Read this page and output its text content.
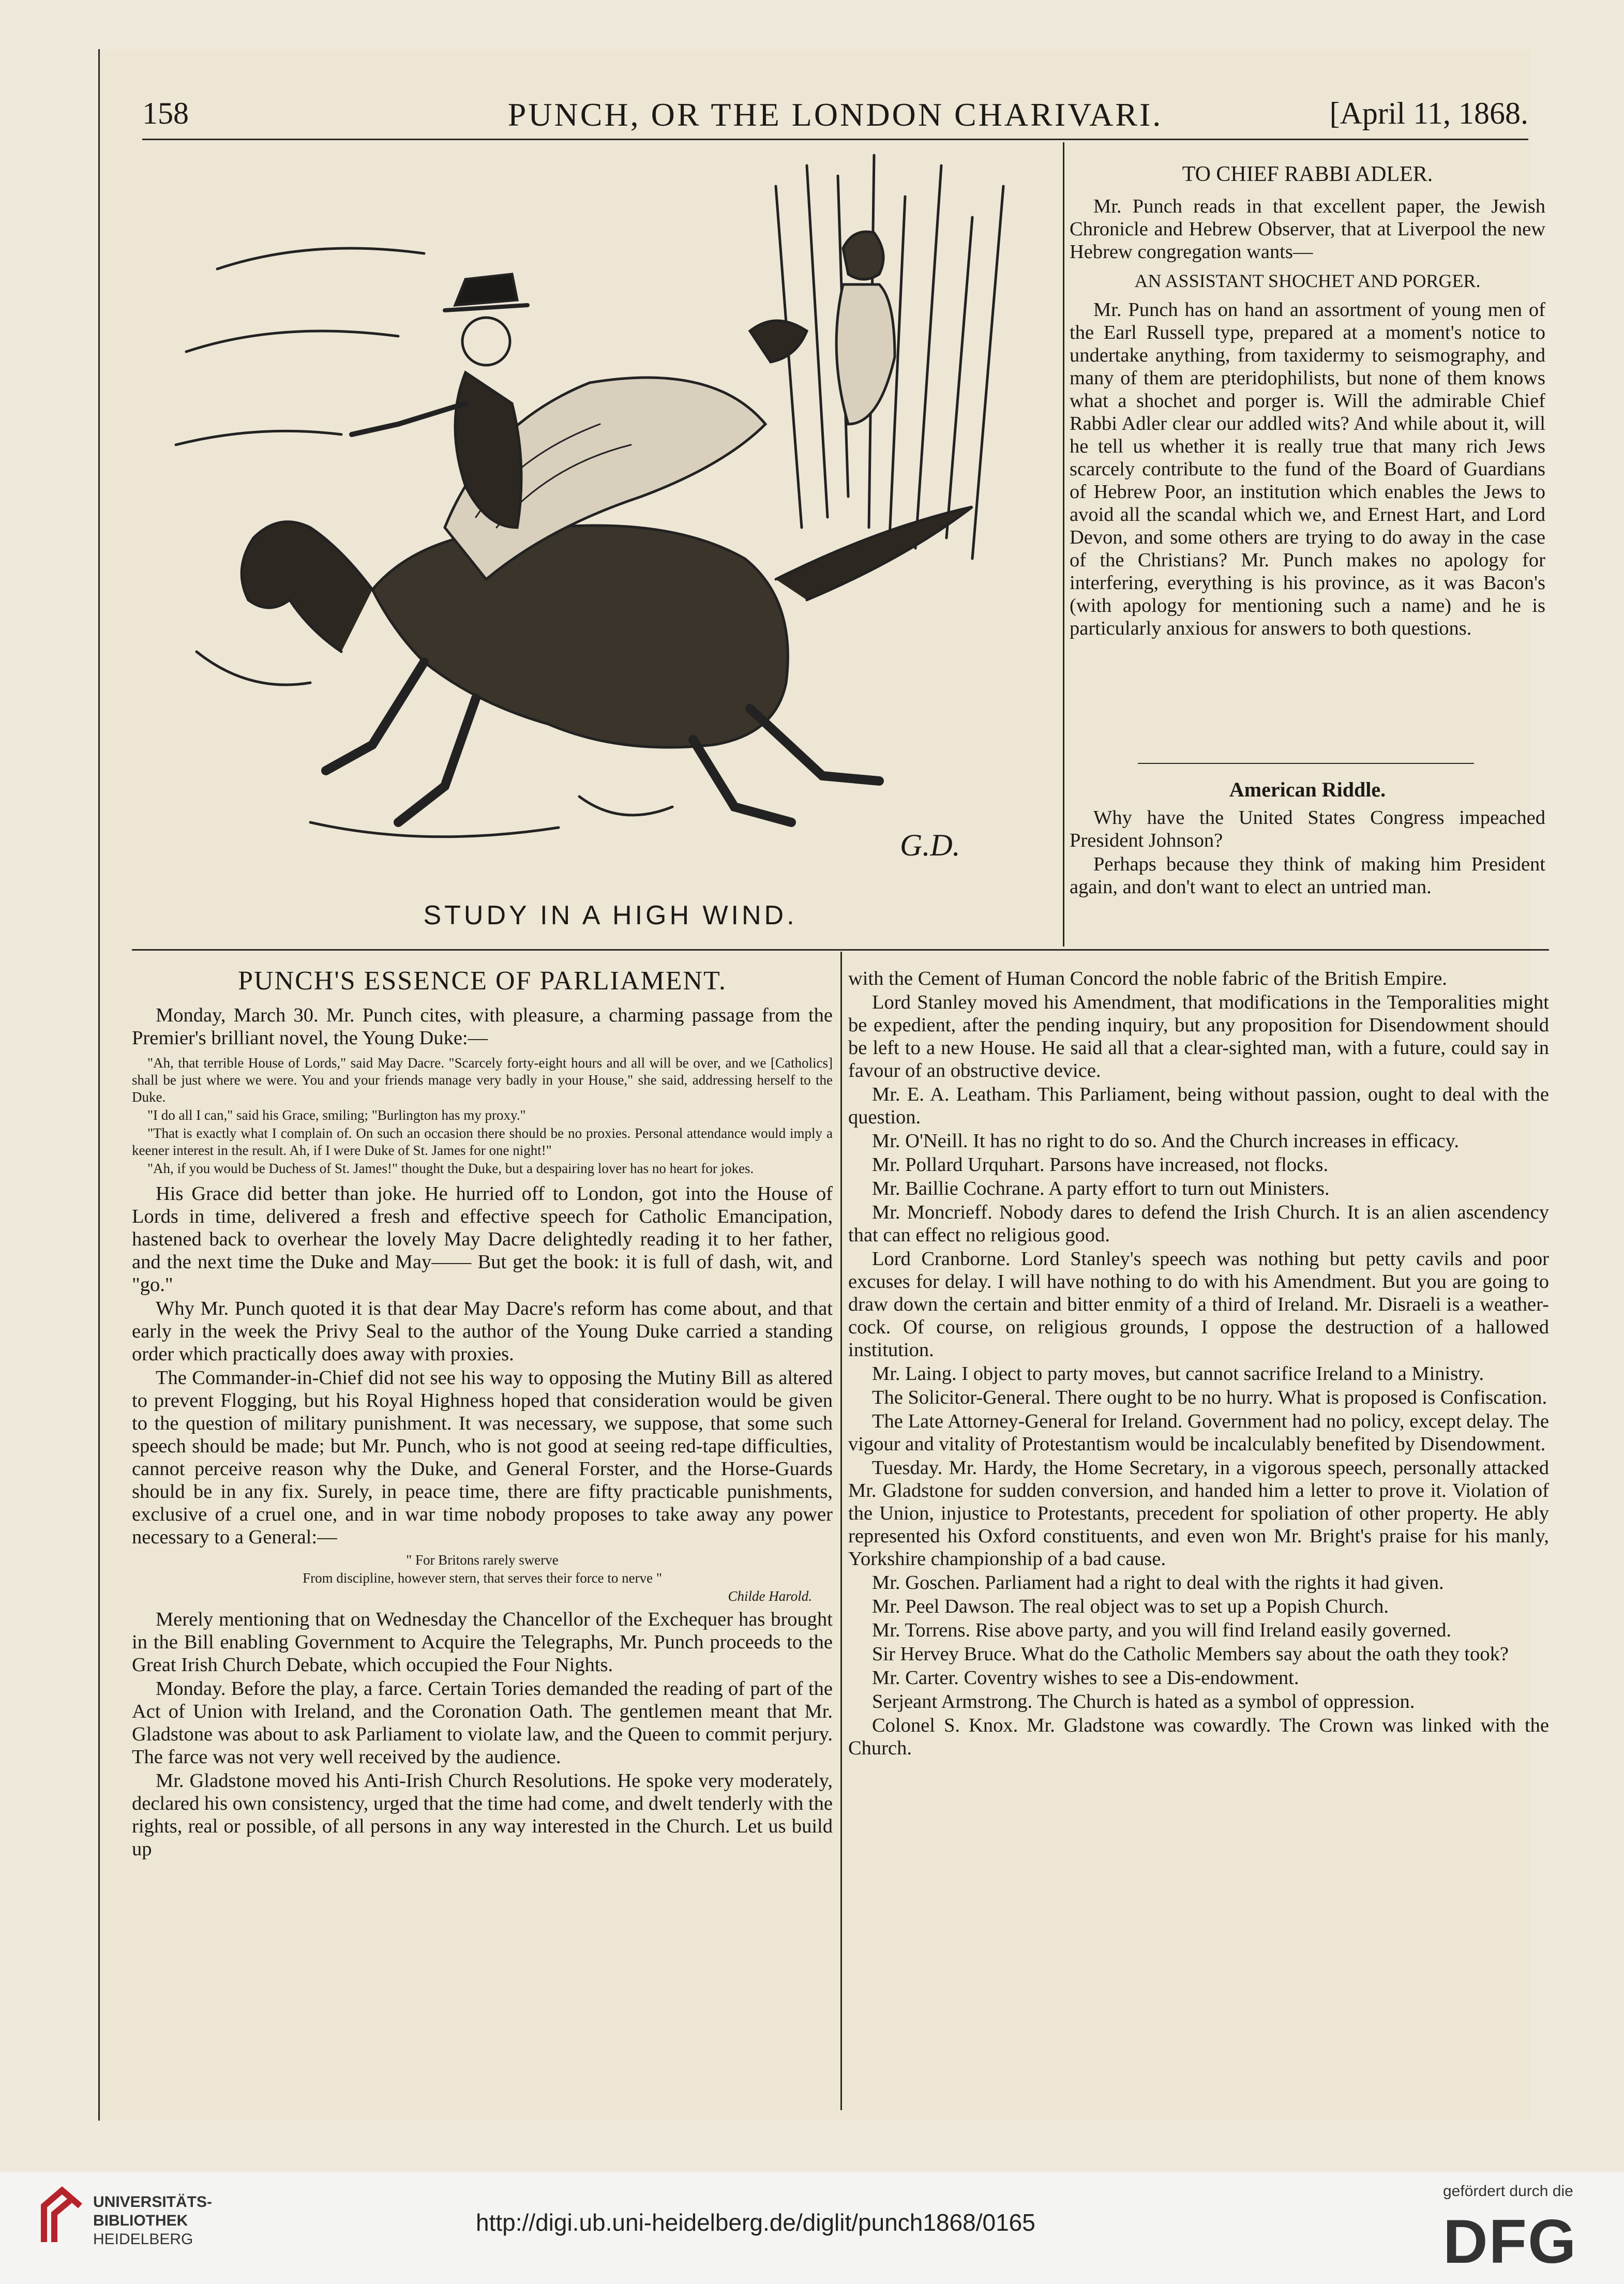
158	PUNCH, OR THE LONDON CHARIVARI.	[April 11, 1868.
G.D.
STUDY IN A HIGH WIND.

TO CHIEF RABBI ADLER.

Mr. Punch reads in that excellent paper, the Jewish Chronicle and Hebrew Observer, that at Liverpool the new Hebrew congregation wants—

AN ASSISTANT SHOCHET AND PORGER.

Mr. Punch has on hand an assortment of young men of the Earl Russell type, prepared at a moment's notice to undertake anything, from taxidermy to seismography, and many of them are pteridophilists, but none of them knows what a shochet and porger is. Will the admirable Chief Rabbi Adler clear our addled wits? And while about it, will he tell us whether it is really true that many rich Jews scarcely contribute to the fund of the Board of Guardians of Hebrew Poor, an institution which enables the Jews to avoid all the scandal which we, and Ernest Hart, and Lord Devon, and some others are trying to do away in the case of the Christians? Mr. Punch makes no apology for interfering, everything is his province, as it was Bacon's (with apology for mentioning such a name) and he is particularly anxious for answers to both questions.

American Riddle.

Why have the United States Congress impeached President Johnson?

Perhaps because they think of making him President again, and don't want to elect an untried man.

PUNCH'S ESSENCE OF PARLIAMENT.

Monday, March 30. Mr. Punch cites, with pleasure, a charming passage from the Premier's brilliant novel, the Young Duke:—

"Ah, that terrible House of Lords," said May Dacre. "Scarcely forty-eight hours and all will be over, and we [Catholics] shall be just where we were. You and your friends manage very badly in your House," she said, addressing herself to the Duke.

"I do all I can," said his Grace, smiling; "Burlington has my proxy."

"That is exactly what I complain of. On such an occasion there should be no proxies. Personal attendance would imply a keener interest in the result. Ah, if I were Duke of St. James for one night!"

"Ah, if you would be Duchess of St. James!" thought the Duke, but a despairing lover has no heart for jokes.

His Grace did better than joke. He hurried off to London, got into the House of Lords in time, delivered a fresh and effective speech for Catholic Emancipation, hastened back to overhear the lovely May Dacre delightedly reading it to her father, and the next time the Duke and May—— But get the book: it is full of dash, wit, and "go."

Why Mr. Punch quoted it is that dear May Dacre's reform has come about, and that early in the week the Privy Seal to the author of the Young Duke carried a standing order which practically does away with proxies.

The Commander-in-Chief did not see his way to opposing the Mutiny Bill as altered to prevent Flogging, but his Royal Highness hoped that consideration would be given to the question of military punishment. It was necessary, we suppose, that some such speech should be made; but Mr. Punch, who is not good at seeing red-tape difficulties, cannot perceive reason why the Duke, and General Forster, and the Horse-Guards should be in any fix. Surely, in peace time, there are fifty practicable punishments, exclusive of a cruel one, and in war time nobody proposes to take away any power necessary to a General:—

" For Britons rarely swerve

From discipline, however stern, that serves their force to nerve "

Childe Harold.

Merely mentioning that on Wednesday the Chancellor of the Exchequer has brought in the Bill enabling Government to Acquire the Telegraphs, Mr. Punch proceeds to the Great Irish Church Debate, which occupied the Four Nights.

Monday. Before the play, a farce. Certain Tories demanded the reading of part of the Act of Union with Ireland, and the Coronation Oath. The gentlemen meant that Mr. Gladstone was about to ask Parliament to violate law, and the Queen to commit perjury. The farce was not very well received by the audience.

Mr. Gladstone moved his Anti-Irish Church Resolutions. He spoke very moderately, declared his own consistency, urged that the time had come, and dwelt tenderly with the rights, real or possible, of all persons in any way interested in the Church. Let us build up

with the Cement of Human Concord the noble fabric of the British Empire.

Lord Stanley moved his Amendment, that modifications in the Temporalities might be expedient, after the pending inquiry, but any proposition for Disendowment should be left to a new House. He said all that a clear-sighted man, with a future, could say in favour of an obstructive device.

Mr. E. A. Leatham. This Parliament, being without passion, ought to deal with the question.

Mr. O'Neill. It has no right to do so. And the Church increases in efficacy.

Mr. Pollard Urquhart. Parsons have increased, not flocks.

Mr. Baillie Cochrane. A party effort to turn out Ministers.

Mr. Moncrieff. Nobody dares to defend the Irish Church. It is an alien ascendency that can effect no religious good.

Lord Cranborne. Lord Stanley's speech was nothing but petty cavils and poor excuses for delay. I will have nothing to do with his Amendment. But you are going to draw down the certain and bitter enmity of a third of Ireland. Mr. Disraeli is a weather-cock. Of course, on religious grounds, I oppose the destruction of a hallowed institution.

Mr. Laing. I object to party moves, but cannot sacrifice Ireland to a Ministry.

The Solicitor-General. There ought to be no hurry. What is proposed is Confiscation.

The Late Attorney-General for Ireland. Government had no policy, except delay. The vigour and vitality of Protestantism would be incalculably benefited by Disendowment.

Tuesday. Mr. Hardy, the Home Secretary, in a vigorous speech, personally attacked Mr. Gladstone for sudden conversion, and handed him a letter to prove it. Violation of the Union, injustice to Protestants, precedent for spoliation of other property. He ably represented his Oxford constituents, and even won Mr. Bright's praise for his manly, Yorkshire championship of a bad cause.

Mr. Goschen. Parliament had a right to deal with the rights it had given.

Mr. Peel Dawson. The real object was to set up a Popish Church.

Mr. Torrens. Rise above party, and you will find Ireland easily governed.

Sir Hervey Bruce. What do the Catholic Members say about the oath they took?

Mr. Carter. Coventry wishes to see a Dis-endowment.

Serjeant Armstrong. The Church is hated as a symbol of oppression.

Colonel S. Knox. Mr. Gladstone was cowardly. The Crown was linked with the Church.

UNIVERSITÄTS-
BIBLIOTHEK
HEIDELBERG
http://digi.ub.uni-heidelberg.de/diglit/punch1868/0165
gefördert durch die
DFG
